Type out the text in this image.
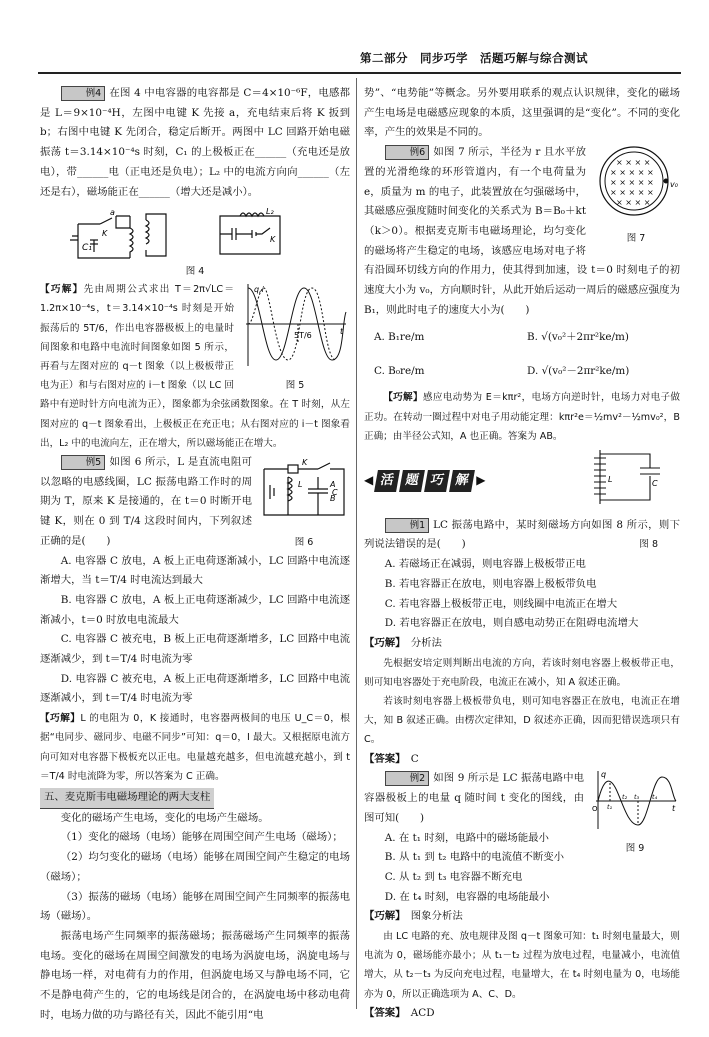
第二部分　同步巧学　活题巧解与综合测试

例4 在图 4 中电容器的电容都是 C＝4×10⁻⁶F，电感都是 L＝9×10⁻⁴H，左图中电键 K 先接 a，充电结束后将 K 扳到 b；右图中电键 K 先闭合，稳定后断开。两图中 LC 回路开始电磁振荡 t＝3.14×10⁻⁴s 时刻，C₁ 的上极板正在______（充电还是放电），带______电（正电还是负电）；L₂ 中的电流方向向______（左还是右），磁场能正在______（增大还是减小）。

C₁
a
K
L₂
K
图 4
q,i
t
5T/6
图 5

【巧解】先由周期公式求出 T＝2π√LC＝1.2π×10⁻⁴s，t＝3.14×10⁻⁴s 时刻是开始振荡后的 5T/6，作出电容器极板上的电量时间图象和电路中电流时间图象如图 5 所示，再看与左图对应的 q－t 图象（以上极板带正电为正）和与右图对应的 i－t 图象（以 LC 回路中有逆时针方向电流为正），图象都为余弦函数图象。在 T 时刻，从左图对应的 q－t 图象看出，上极板正在充正电；从右图对应的 i－t 图象看出，L₂ 中的电流向左，正在增大，所以磁场能正在增大。

K
L	A
B
C
图 6

例5 如图 6 所示，L 是直流电阻可以忽略的电感线圈，LC 振荡电路工作时的周期为 T，原来 K 是接通的，在 t＝0 时断开电键 K，则在 0 到 T/4 这段时间内，下列叙述正确的是(　　)

A. 电容器 C 放电，A 板上正电荷逐渐减小，LC 回路中电流逐渐增大，当 t＝T/4 时电流达到最大

B. 电容器 C 放电，A 板上正电荷逐渐减少，LC 回路中电流逐渐减小，t＝0 时放电电流最大

C. 电容器 C 被充电，B 板上正电荷逐渐增多，LC 回路中电流逐渐减少，到 t＝T/4 时电流为零

D. 电容器 C 被充电，A 板上正电荷逐渐增多，LC 回路中电流逐渐减小，到 t＝T/4 时电流为零

【巧解】L 的电阻为 0，K 接通时，电容器两极间的电压 U_C＝0，根据“电同步、磁同步、电磁不同步”可知：q＝0，I 最大。又根据原电流方向可知对电容器下极板充以正电。电量越充越多，但电流越充越小，到 t＝T/4 时电流降为零，所以答案为 C 正确。

五、麦克斯韦电磁场理论的两大支柱

变化的磁场产生电场，变化的电场产生磁场。

（1）变化的磁场（电场）能够在周围空间产生电场（磁场）；

（2）均匀变化的磁场（电场）能够在周围空间产生稳定的电场（磁场）；

（3）振荡的磁场（电场）能够在周围空间产生同频率的振荡电场（磁场）。

振荡电场产生同频率的振荡磁场；振荡磁场产生同频率的振荡电场。变化的磁场在周围空间激发的电场为涡旋电场，涡旋电场与静电场一样，对电荷有力的作用，但涡旋电场又与静电场不同，它不是静电荷产生的，它的电场线是闭合的，在涡旋电场中移动电荷时，电场力做的功与路径有关，因此不能引用“电

势”、“电势能”等概念。另外要用联系的观点认识规律，变化的磁场产生电场是电磁感应现象的本质，这里强调的是“变化”。不同的变化率，产生的效果是不同的。

× × × ×
× × × × ×
× × × × ×
× × × × ×
× × × ×
v₀
图 7

例6 如图 7 所示，半径为 r 且水平放置的光滑绝缘的环形管道内，有一个电荷量为 e，质量为 m 的电子，此装置放在匀强磁场中，其磁感应强度随时间变化的关系式为 B＝B₀＋kt（k＞0）。根据麦克斯韦电磁场理论，均匀变化的磁场将产生稳定的电场，该感应电场对电子将有沿圆环切线方向的作用力，使其得到加速，设 t＝0 时刻电子的初速度大小为 v₀，方向顺时针，从此开始后运动一周后的磁感应强度为 B₁，则此时电子的速度大小为(　　)

A. B₁re/m	B. √(v₀²＋2πr²ke/m)
C. B₀re/m	D. √(v₀²－2πr²ke/m)

【巧解】感应电动势为 E＝kπr²，电场方向逆时针，电场力对电子做正功。在转动一圈过程中对电子用动能定理：kπr²e＝½mv²－½mv₀²，B 正确；由半径公式知，A 也正确。答案为 AB。

◀ 活 题 巧 解 ▶	L	C

例1 LC 振荡电路中，某时刻磁场方向如图 8 所示，则下列说法错误的是(　　)	图 8

A. 若磁场正在减弱，则电容器上极板带正电

B. 若电容器正在放电，则电容器上极板带负电

C. 若电容器上极板带正电，则线圈中电流正在增大

D. 若电容器正在放电，则自感电动势正在阻碍电流增大

【巧解】　 分析法

先根据安培定则判断出电流的方向，若该时刻电容器上极板带正电，则可知电容器处于充电阶段，电流正在减小，知 A 叙述正确。

若该时刻电容器上极板带负电，则可知电容器正在放电，电流正在增大，知 B 叙述正确。由楞次定律知，D 叙述亦正确，因而犯错误选项只有 C。

【答案】　 C

q
t
O t₁
t₂ t₃ t₄
图 9

例2 如图 9 所示是 LC 振荡电路中电容器极板上的电量 q 随时间 t 变化的图线，由图可知(　　)

A. 在 t₁ 时刻，电路中的磁场能最小

B. 从 t₁ 到 t₂ 电路中的电流值不断变小

C. 从 t₂ 到 t₃ 电容器不断充电

D. 在 t₄ 时刻，电容器的电场能最小

【巧解】　 图象分析法

由 LC 电路的充、放电规律及图 q－t 图象可知：t₁ 时刻电量最大，则电流为 0，磁场能亦最小；从 t₁－t₂ 过程为放电过程，电量减小，电流值增大，从 t₂－t₃ 为反向充电过程，电量增大，在 t₄ 时刻电量为 0，电场能亦为 0，所以正确选项为 A、C、D。

【答案】　 ACD
